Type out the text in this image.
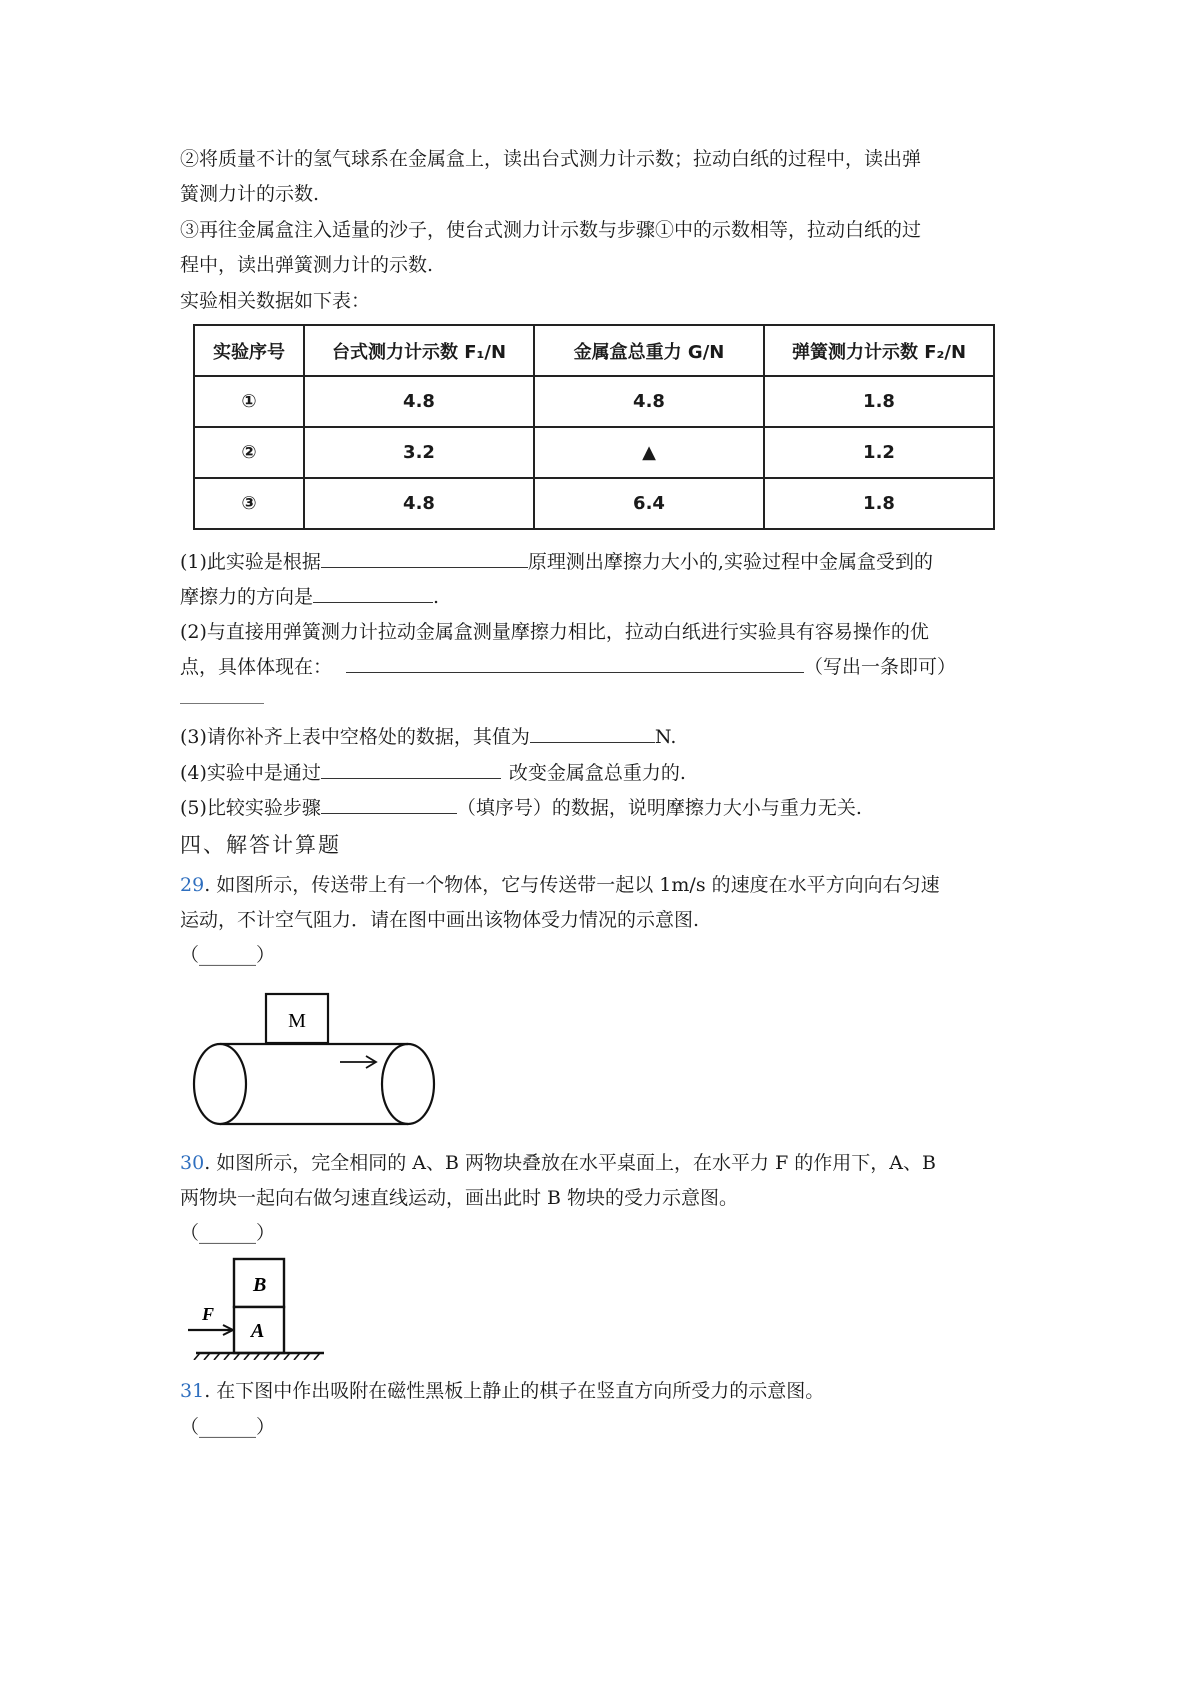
②将质量不计的氢气球系在金属盒上，读出台式测力计示数；拉动白纸的过程中，读出弹
簧测力计的示数.
③再往金属盒注入适量的沙子，使台式测力计示数与步骤①中的示数相等，拉动白纸的过
程中，读出弹簧测力计的示数.
实验相关数据如下表：
实验序号	台式测力计示数 F₁/N	金属盒总重力 G/N	弹簧测力计示数 F₂/N
①	4.8	4.8	1.8
②	3.2	▲	1.2
③	4.8	6.4	1.8
(1)此实验是根据	原理测出摩擦力大小的,实验过程中金属盒受到的
摩擦力的方向是	.
(2)与直接用弹簧测力计拉动金属盒测量摩擦力相比，拉动白纸进行实验具有容易操作的优
点，具体体现在：	（写出一条即可）
(3)请你补齐上表中空格处的数据，其值为	N.
(4)实验中是通过	改变金属盒总重力的.
(5)比较实验步骤	（填序号）的数据，说明摩擦力大小与重力无关.
四、解答计算题
29. 如图所示，传送带上有一个物体，它与传送带一起以 1m/s 的速度在水平方向向右匀速
运动，不计空气阻力．请在图中画出该物体受力情况的示意图.
（______）
M
30. 如图所示，完全相同的 A、B 两物块叠放在水平桌面上，在水平力 F 的作用下，A、B
两物块一起向右做匀速直线运动，画出此时 B 物块的受力示意图。
（______）
B
A
F
31. 在下图中作出吸附在磁性黑板上静止的棋子在竖直方向所受力的示意图。
（______）
